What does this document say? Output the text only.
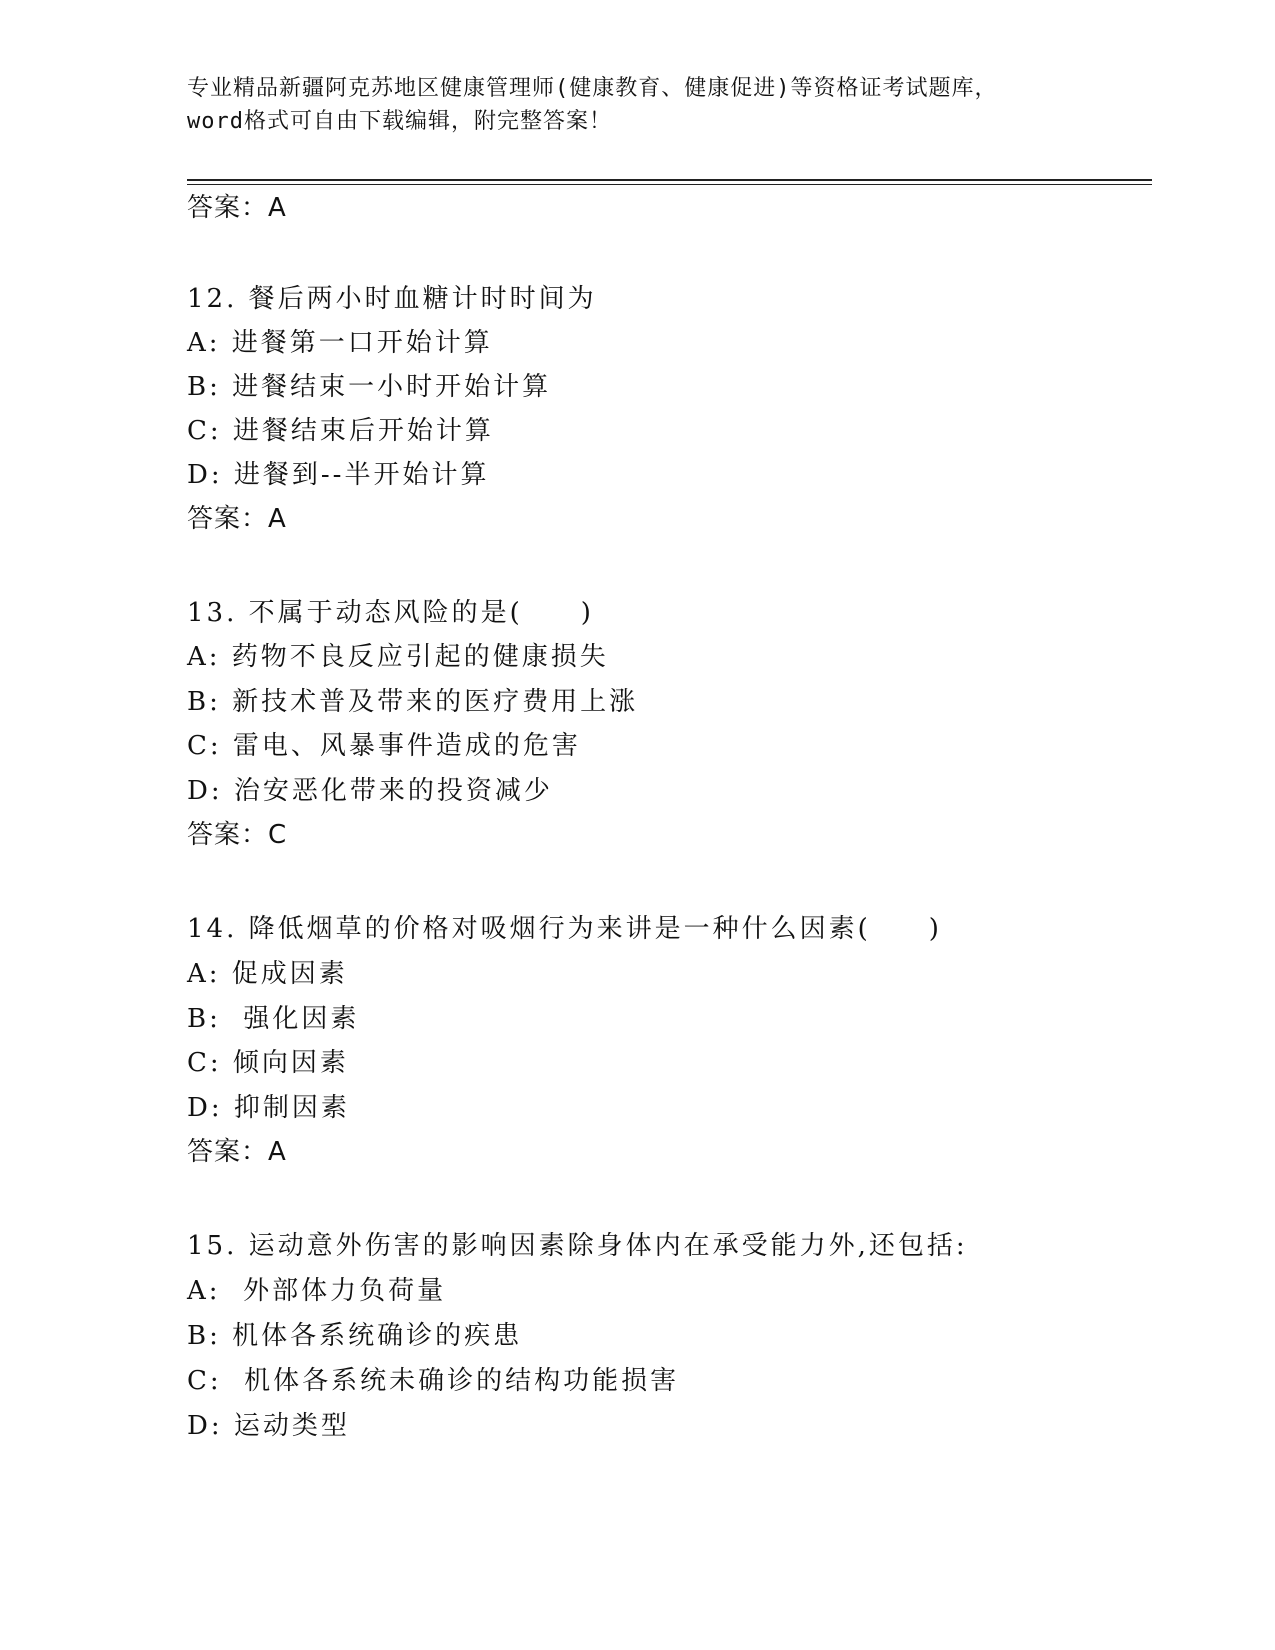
专业精品新疆阿克苏地区健康管理师(健康教育、健康促进)等资格证考试题库，
word格式可自由下载编辑，附完整答案！
答案：A
12. 餐后两小时血糖计时时间为
A: 进餐第一口开始计算
B: 进餐结束一小时开始计算
C: 进餐结束后开始计算
D: 进餐到--半开始计算
答案：A
13. 不属于动态风险的是(　　)
A: 药物不良反应引起的健康损失
B: 新技术普及带来的医疗费用上涨
C: 雷电、风暴事件造成的危害
D: 治安恶化带来的投资减少
答案：C
14. 降低烟草的价格对吸烟行为来讲是一种什么因素(　　)
A: 促成因素
B:  强化因素
C: 倾向因素
D: 抑制因素
答案：A
15. 运动意外伤害的影响因素除身体内在承受能力外,还包括:
A:  外部体力负荷量
B: 机体各系统确诊的疾患
C:  机体各系统未确诊的结构功能损害
D: 运动类型
